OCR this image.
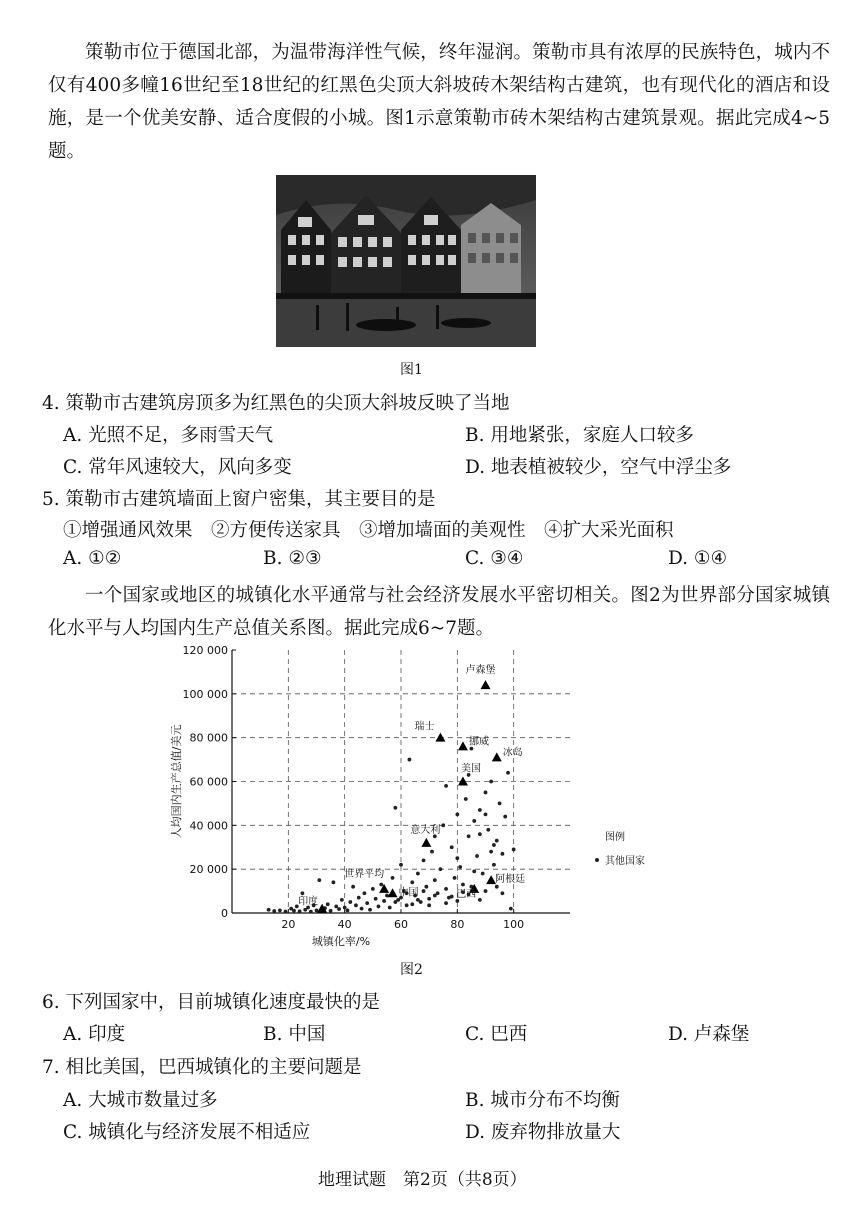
策勒市位于德国北部，为温带海洋性气候，终年湿润。策勒市具有浓厚的民族特色，城内不仅有400多幢16世纪至18世纪的红黑色尖顶大斜坡砖木架结构古建筑，也有现代化的酒店和设施，是一个优美安静、适合度假的小城。图1示意策勒市砖木架结构古建筑景观。据此完成4~5题。
图1
4. 策勒市古建筑房顶多为红黑色的尖顶大斜坡反映了当地
A. 光照不足，多雨雪天气	B. 用地紧张，家庭人口较多
C. 常年风速较大，风向多变	D. 地表植被较少，空气中浮尘多
5. 策勒市古建筑墙面上窗户密集，其主要目的是
①增强通风效果　②方便传送家具　③增加墙面的美观性　④扩大采光面积
A. ①②	B. ②③	C. ③④	D. ①④
一个国家或地区的城镇化水平通常与社会经济发展水平密切相关。图2为世界部分国家城镇化水平与人均国内生产总值关系图。据此完成6~7题。
20	40	60	80	100
0
20 000
40 000
60 000
80 000
100 000
120 000
城镇化率/%
人均国内生产总值/美元
卢森堡
瑞士
挪威
冰岛
美国
意大利
世界平均
中国
印度
巴西
阿根廷
图例
其他国家
图2
6. 下列国家中，目前城镇化速度最快的是
A. 印度	B. 中国	C. 巴西	D. 卢森堡
7. 相比美国，巴西城镇化的主要问题是
A. 大城市数量过多	B. 城市分布不均衡
C. 城镇化与经济发展不相适应	D. 废弃物排放量大
地理试题　第2页（共8页）
